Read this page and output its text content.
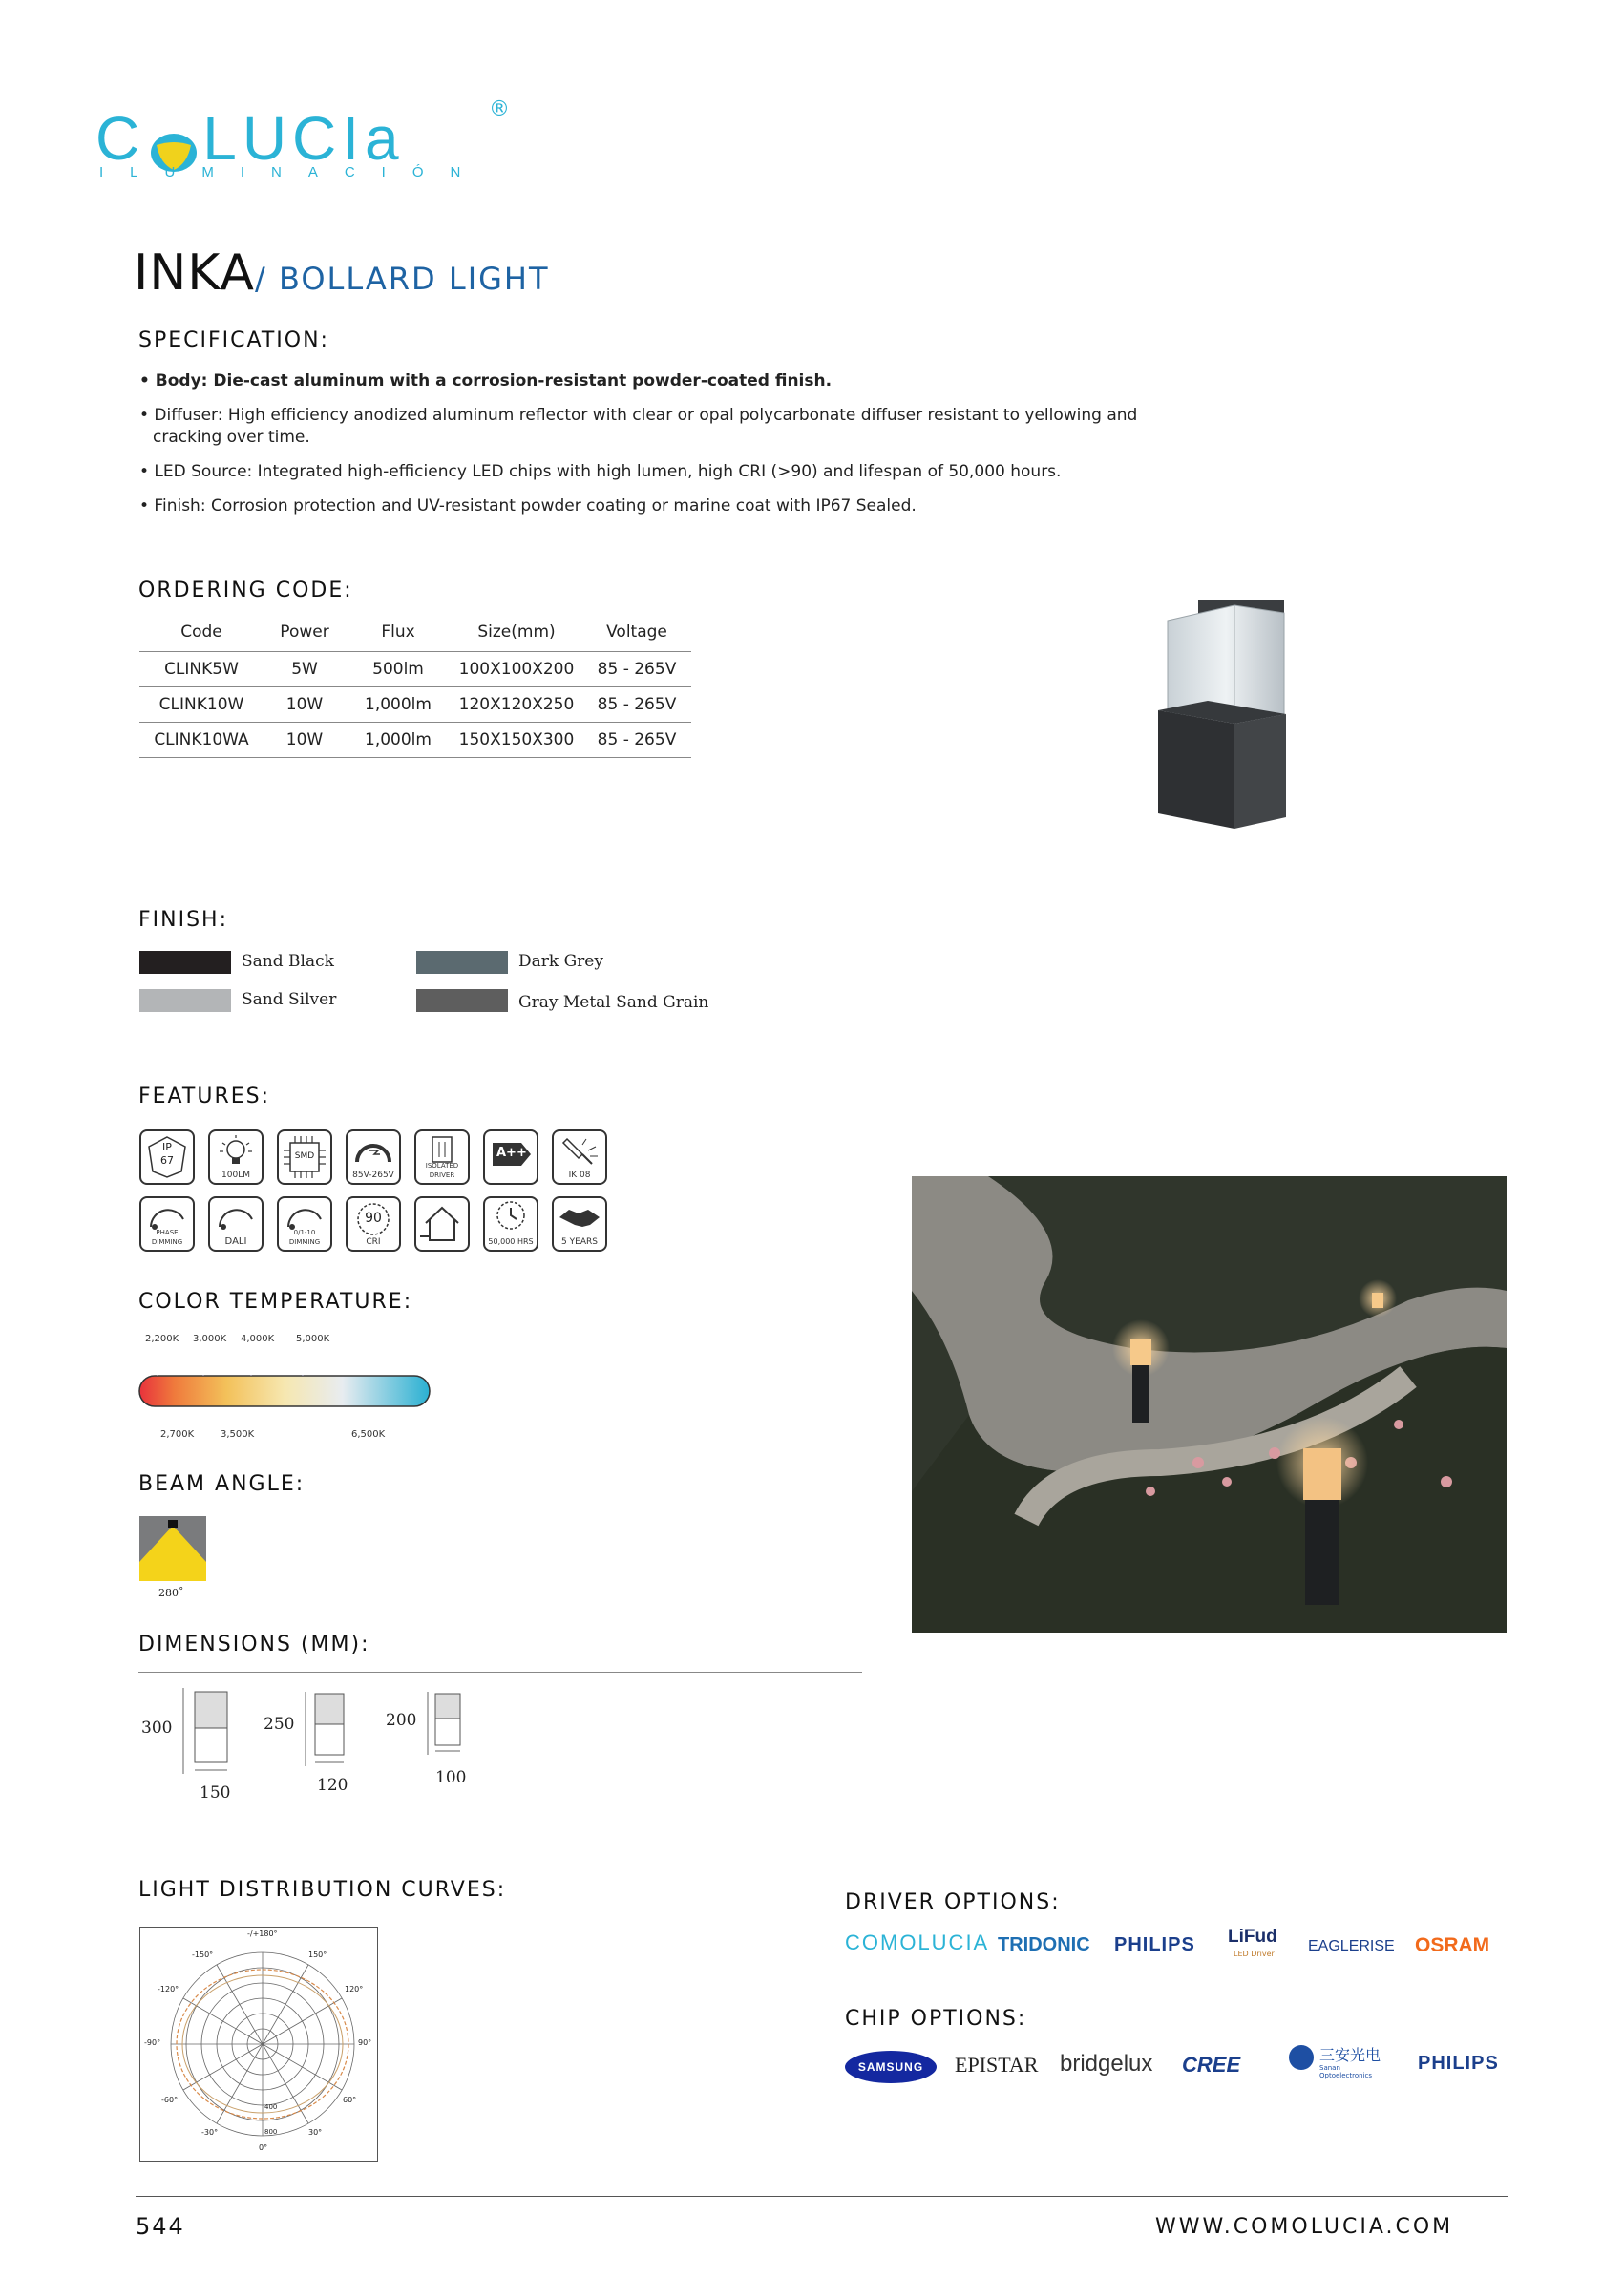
C LUCIa	®
ILUMINACIÓN
INKA/ BOLLARD LIGHT
SPECIFICATION:
• Body: Die-cast aluminum with a corrosion-resistant powder-coated finish.
• Diffuser: High efficiency anodized aluminum reflector with clear or opal polycarbonate diffuser resistant to yellowing and cracking over time.
• LED Source: Integrated high-efficiency LED chips with high lumen, high CRI (>90) and lifespan of 50,000 hours.
• Finish: Corrosion protection and UV-resistant powder coating or marine coat with IP67 Sealed.
ORDERING CODE:
Code	Power	Flux	Size(mm)	Voltage
CLINK5W	5W	500lm	100X100X200	85 - 265V
CLINK10W	10W	1,000lm	120X120X250	85 - 265V
CLINK10WA	10W	1,000lm	150X150X300	85 - 265V
FINISH:
Sand Black	Dark Grey
Sand Silver	Gray Metal Sand Grain
FEATURES:
IP
67
100LM
SMD
85V-265V
ISOLATED DRIVER
A++
IK 08
PHASE DIMMING	DALI
0/1-10 DIMMING
90
CRI	50,000 HRS	5 YEARS
COLOR TEMPERATURE:
2,200K 3,000K 4,000K 5,000K
2,700K	3,500K	6,500K
BEAM ANGLE:
280˚
DIMENSIONS (MM):
300
150
250
120
200
100
LIGHT DISTRIBUTION CURVES:
-/+180°
-150°	150°
-120°	120°
-90°	90°
-60°	60°
-30°	30°
0°
400
800
DRIVER OPTIONS:
COMOLUCIA TRIDONIC PHILIPS LiFud
LED Driver EAGLERISE OSRAM
CHIP OPTIONS:
SAMSUNG EPISTAR bridgelux CREE	三安光电
Sanan Optoelectronics
PHILIPS
544	WWW.COMOLUCIA.COM
